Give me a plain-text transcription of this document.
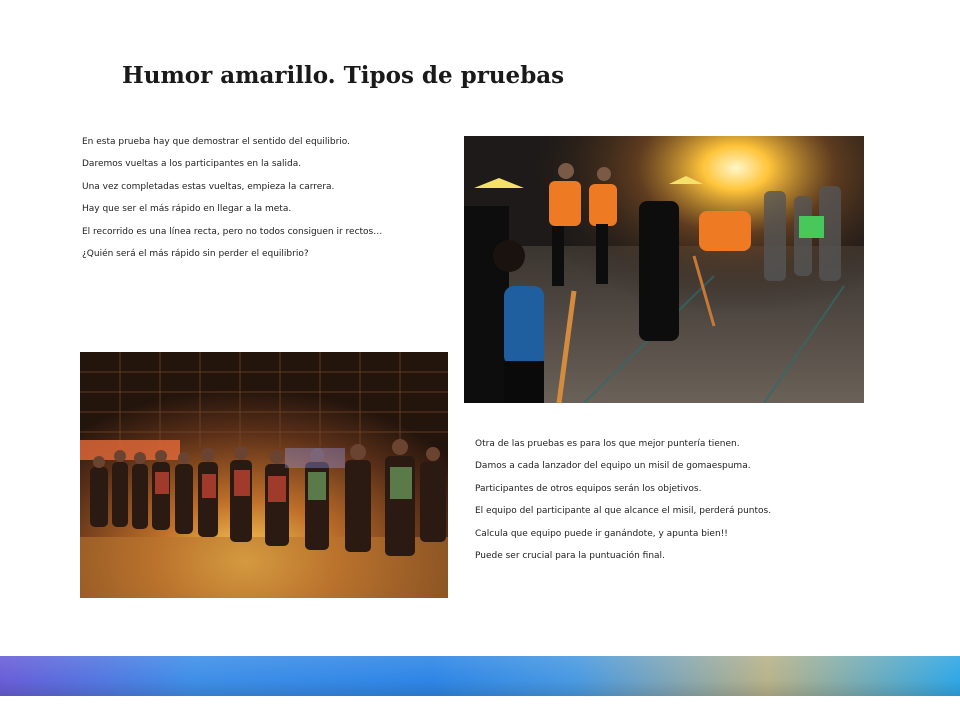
Humor amarillo. Tipos de pruebas
En esta prueba hay que demostrar el sentido del equilibrio.
Daremos vueltas a los participantes en la salida.
Una vez completadas estas vueltas, empieza la carrera.
Hay que ser el más rápido en llegar a la meta.
El recorrido es una línea recta, pero no todos consiguen ir rectos…
¿Quién será el más rápido sin perder el equilibrio?
Otra de las pruebas es para los que mejor puntería tienen.
Damos a cada lanzador del equipo un misil de gomaespuma.
Participantes de otros equipos serán los objetivos.
El equipo del participante al que alcance el misil, perderá puntos.
Calcula que equipo puede ir ganándote, y apunta bien!!
Puede ser crucial para la puntuación final.
